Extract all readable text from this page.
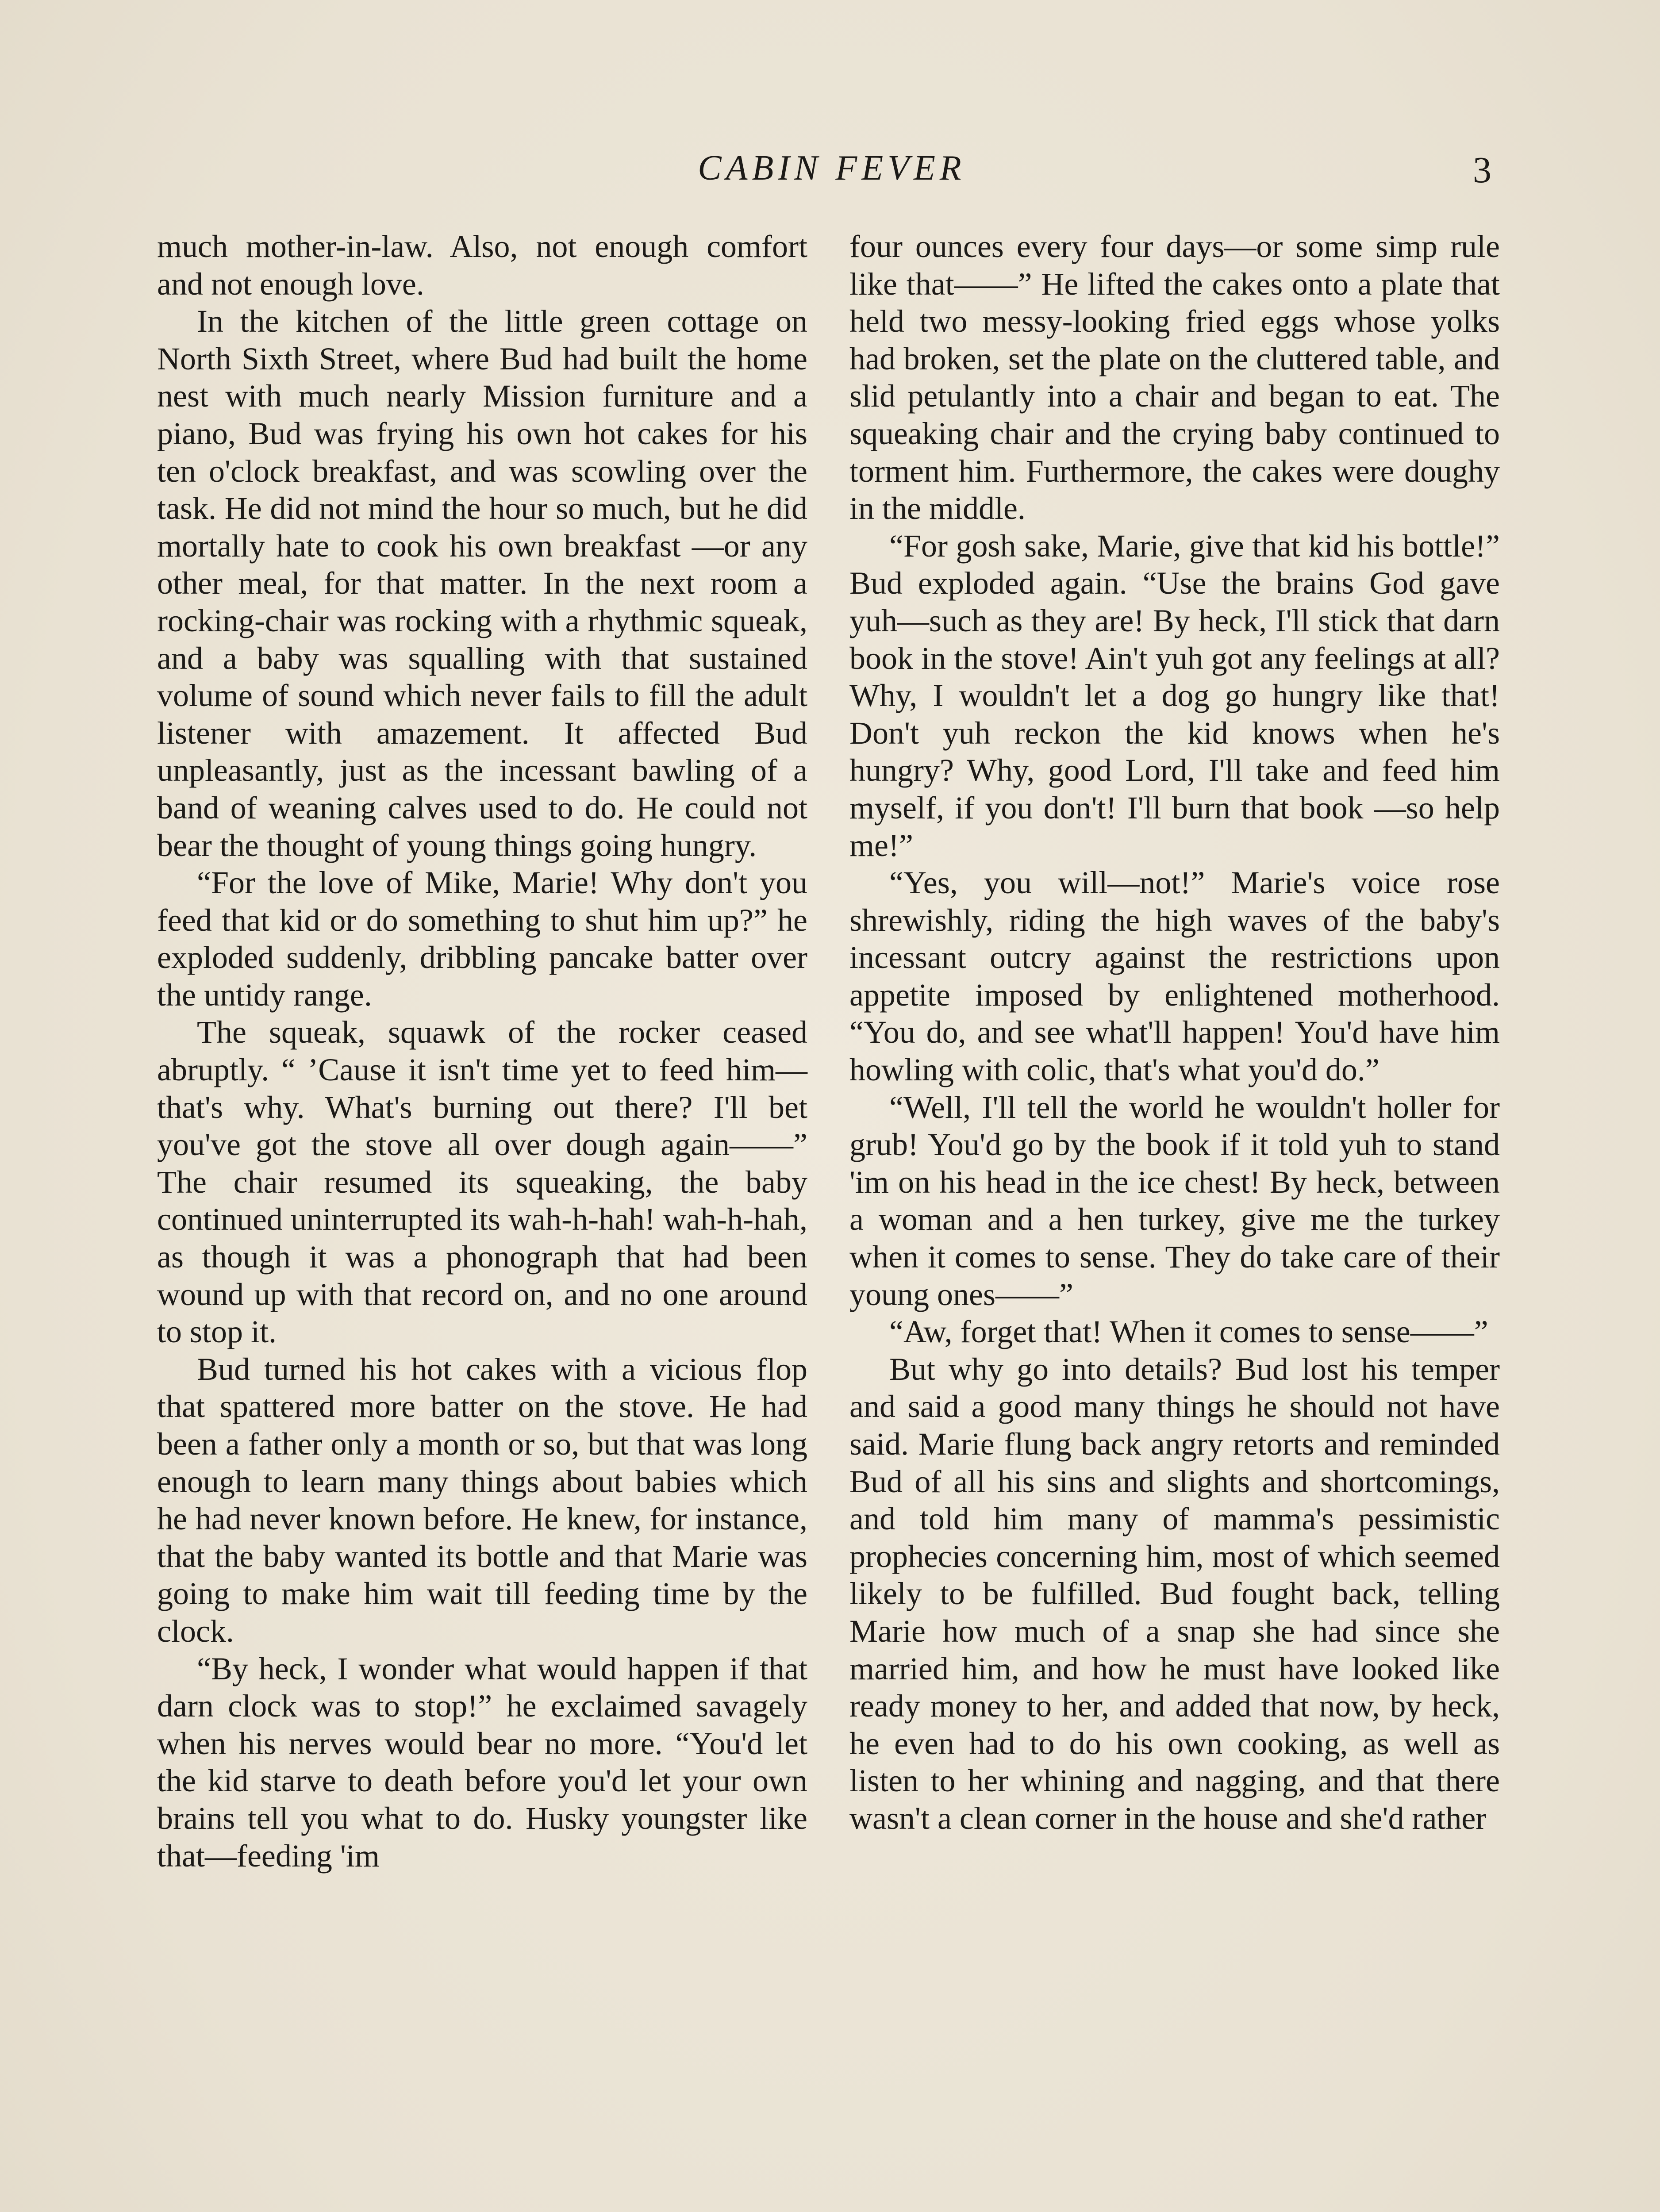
CABIN FEVER	3

much mother-in-law. Also, not enough comfort and not enough love.

In the kitchen of the little green cottage on North Sixth Street, where Bud had built the home nest with much nearly Mission furniture and a piano, Bud was frying his own hot cakes for his ten o'clock breakfast, and was scowling over the task. He did not mind the hour so much, but he did mortally hate to cook his own breakfast —or any other meal, for that matter. In the next room a rocking-chair was rocking with a rhythmic squeak, and a baby was squalling with that sustained volume of sound which never fails to fill the adult listener with amazement. It affected Bud unpleasantly, just as the incessant bawling of a band of weaning calves used to do. He could not bear the thought of young things going hungry.

“For the love of Mike, Marie! Why don't you feed that kid or do something to shut him up?” he exploded suddenly, dribbling pancake batter over the untidy range.

The squeak, squawk of the rocker ceased abruptly. “ ’Cause it isn't time yet to feed him—that's why. What's burning out there? I'll bet you've got the stove all over dough again——” The chair resumed its squeaking, the baby continued uninterrupted its wah-h-hah! wah-h-hah, as though it was a phonograph that had been wound up with that record on, and no one around to stop it.

Bud turned his hot cakes with a vicious flop that spattered more batter on the stove. He had been a father only a month or so, but that was long enough to learn many things about babies which he had never known before. He knew, for instance, that the baby wanted its bottle and that Marie was going to make him wait till feeding time by the clock.

“By heck, I wonder what would happen if that darn clock was to stop!” he exclaimed savagely when his nerves would bear no more. “You'd let the kid starve to death before you'd let your own brains tell you what to do. Husky youngster like that—feeding 'im

four ounces every four days—or some simp rule like that——” He lifted the cakes onto a plate that held two messy-looking fried eggs whose yolks had broken, set the plate on the cluttered table, and slid petulantly into a chair and began to eat. The squeaking chair and the crying baby continued to torment him. Furthermore, the cakes were doughy in the middle.

“For gosh sake, Marie, give that kid his bottle!” Bud exploded again. “Use the brains God gave yuh—such as they are! By heck, I'll stick that darn book in the stove! Ain't yuh got any feelings at all? Why, I wouldn't let a dog go hungry like that! Don't yuh reckon the kid knows when he's hungry? Why, good Lord, I'll take and feed him myself, if you don't! I'll burn that book —so help me!”

“Yes, you will—not!” Marie's voice rose shrewishly, riding the high waves of the baby's incessant outcry against the restrictions upon appetite imposed by enlightened motherhood. “You do, and see what'll happen! You'd have him howling with colic, that's what you'd do.”

“Well, I'll tell the world he wouldn't holler for grub! You'd go by the book if it told yuh to stand 'im on his head in the ice chest! By heck, between a woman and a hen turkey, give me the turkey when it comes to sense. They do take care of their young ones——”

“Aw, forget that! When it comes to sense——”

But why go into details? Bud lost his temper and said a good many things he should not have said. Marie flung back angry retorts and reminded Bud of all his sins and slights and shortcomings, and told him many of mamma's pessimistic prophecies concerning him, most of which seemed likely to be fulfilled. Bud fought back, telling Marie how much of a snap she had since she married him, and how he must have looked like ready money to her, and added that now, by heck, he even had to do his own cooking, as well as listen to her whining and nagging, and that there wasn't a clean corner in the house and she'd rather
